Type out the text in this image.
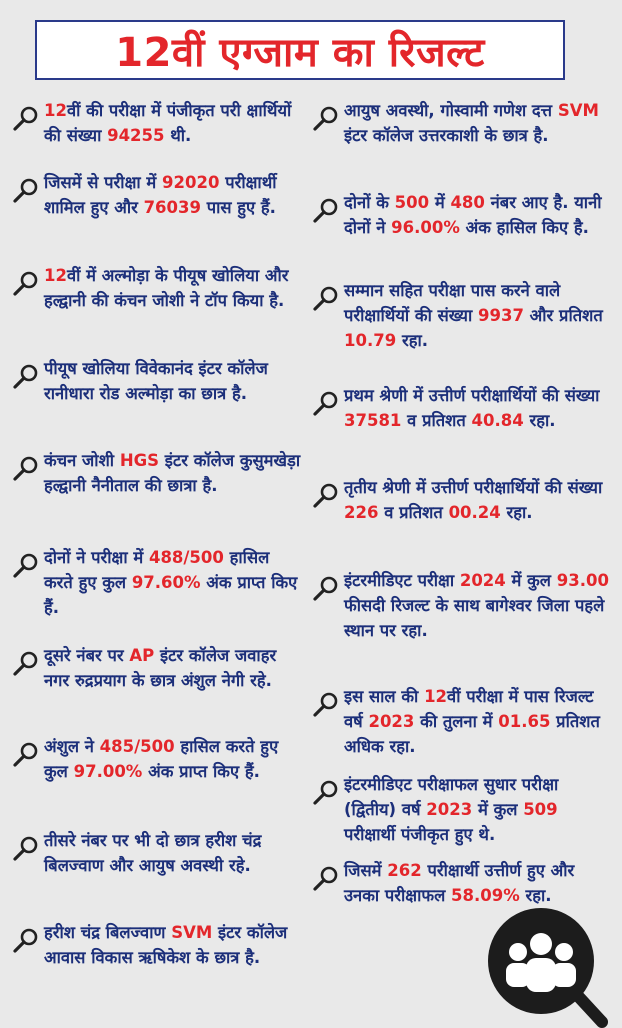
12वीं एग्जाम का रिजल्ट
12वीं की परीक्षा में पंजीकृत परी क्षार्थियों की संख्या 94255 थी.
जिसमें से परीक्षा में 92020 परीक्षार्थी शामिल हुए और 76039 पास हुए हैं.
12वीं में अल्मोड़ा के पीयूष खोलिया और हल्द्वानी की कंचन जोशी ने टॉप किया है.
पीयूष खोलिया विवेकानंद इंटर कॉलेज रानीधारा रोड अल्मोड़ा का छात्र है.
कंचन जोशी HGS इंटर कॉलेज कुसुमखेड़ा हल्द्वानी नैनीताल की छात्रा है.
दोनों ने परीक्षा में 488/500 हासिल करते हुए कुल 97.60% अंक प्राप्त किए हैं.
दूसरे नंबर पर AP इंटर कॉलेज जवाहर नगर रुद्रप्रयाग के छात्र अंशुल नेगी रहे.
अंशुल ने 485/500 हासिल करते हुए कुल 97.00% अंक प्राप्त किए हैं.
तीसरे नंबर पर भी दो छात्र हरीश चंद्र बिलज्वाण और आयुष अवस्थी रहे.
हरीश चंद्र बिलज्वाण SVM इंटर कॉलेज आवास विकास ऋषिकेश के छात्र है.
आयुष अवस्थी, गोस्वामी गणेश दत्त SVM इंटर कॉलेज उत्तरकाशी के छात्र है.
दोनों के 500 में 480 नंबर आए है. यानी दोनों ने 96.00% अंक हासिल किए है.
सम्मान सहित परीक्षा पास करने वाले परीक्षार्थियों की संख्या 9937 और प्रतिशत 10.79 रहा.
प्रथम श्रेणी में उत्तीर्ण परीक्षार्थियों की संख्या 37581 व प्रतिशत 40.84 रहा.
तृतीय श्रेणी में उत्तीर्ण परीक्षार्थियों की संख्या 226 व प्रतिशत 00.24 रहा.
इंटरमीडिएट परीक्षा 2024 में कुल 93.00 फीसदी रिजल्ट के साथ बागेश्वर जिला पहले स्थान पर रहा.
इस साल की 12वीं परीक्षा में पास रिजल्ट वर्ष 2023 की तुलना में 01.65 प्रतिशत अधिक रहा.
इंटरमीडिएट परीक्षाफल सुधार परीक्षा (द्वितीय) वर्ष 2023 में कुल 509 परीक्षार्थी पंजीकृत हुए थे.
जिसमें 262 परीक्षार्थी उत्तीर्ण हुए और उनका परीक्षाफल 58.09% रहा.
